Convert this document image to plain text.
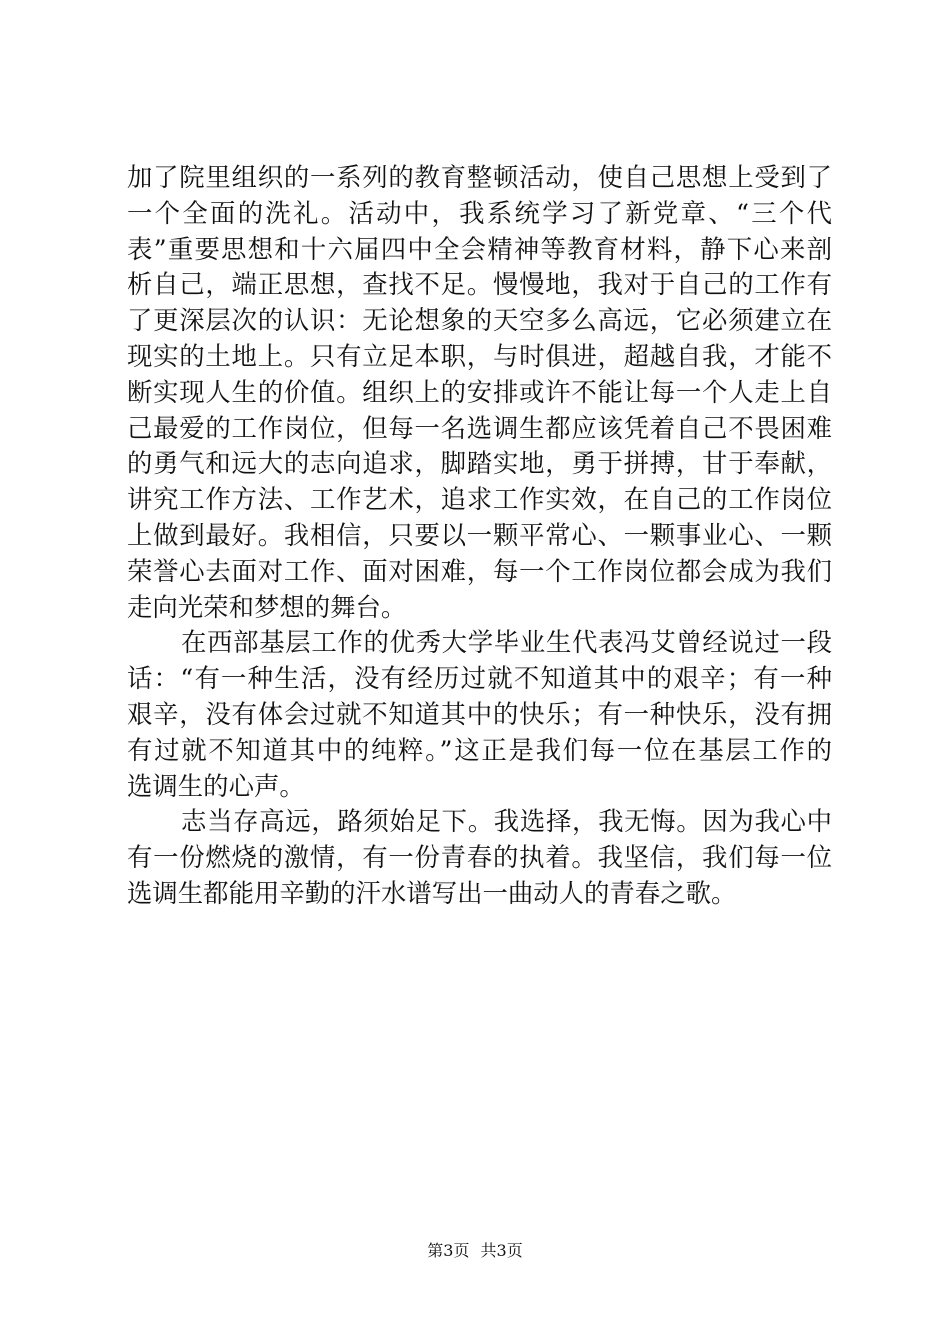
加了院里组织的一系列的教育整顿活动，使自己思想上受到了
一个全面的洗礼。活动中，我系统学习了新党章、“三个代
表”重要思想和十六届四中全会精神等教育材料，静下心来剖
析自己，端正思想，查找不足。慢慢地，我对于自己的工作有
了更深层次的认识：无论想象的天空多么高远，它必须建立在
现实的土地上。只有立足本职，与时俱进，超越自我，才能不
断实现人生的价值。组织上的安排或许不能让每一个人走上自
己最爱的工作岗位，但每一名选调生都应该凭着自己不畏困难
的勇气和远大的志向追求，脚踏实地，勇于拼搏，甘于奉献，
讲究工作方法、工作艺术，追求工作实效，在自己的工作岗位
上做到最好。我相信，只要以一颗平常心、一颗事业心、一颗
荣誉心去面对工作、面对困难，每一个工作岗位都会成为我们
走向光荣和梦想的舞台。
在西部基层工作的优秀大学毕业生代表冯艾曾经说过一段
话：“有一种生活，没有经历过就不知道其中的艰辛；有一种
艰辛，没有体会过就不知道其中的快乐；有一种快乐，没有拥
有过就不知道其中的纯粹。”这正是我们每一位在基层工作的
选调生的心声。
志当存高远，路须始足下。我选择，我无悔。因为我心中
有一份燃烧的激情，有一份青春的执着。我坚信，我们每一位
选调生都能用辛勤的汗水谱写出一曲动人的青春之歌。
第3页 共3页
